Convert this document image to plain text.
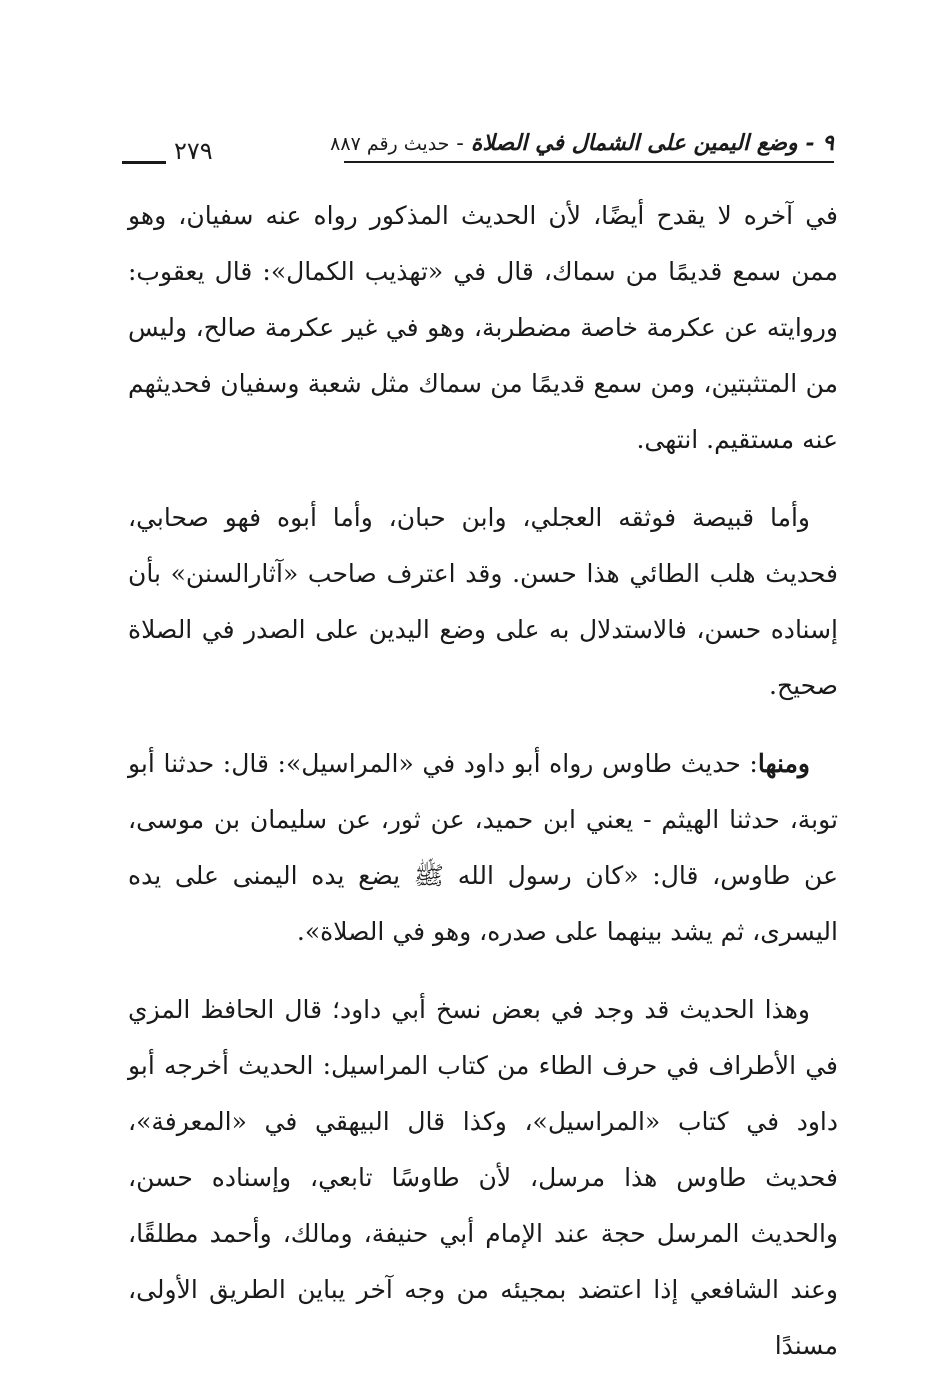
٩ - وضع اليمين على الشمال في الصلاة - حديث رقم ٨٨٧
٢٧٩

في آخره لا يقدح أيضًا، لأن الحديث المذكور رواه عنه سفيان، وهو ممن سمع قديمًا من سماك، قال في «تهذيب الكمال»: قال يعقوب: وروايته عن عكرمة خاصة مضطربة، وهو في غير عكرمة صالح، وليس من المتثبتين، ومن سمع قديمًا من سماك مثل شعبة وسفيان فحديثهم عنه مستقيم. انتهى.

وأما قبيصة فوثقه العجلي، وابن حبان، وأما أبوه فهو صحابي، فحديث هلب الطائي هذا حسن. وقد اعترف صاحب «آثارالسنن» بأن إسناده حسن، فالاستدلال به على وضع اليدين على الصدر في الصلاة صحيح.

ومنها: حديث طاوس رواه أبو داود في «المراسيل»: قال: حدثنا أبو توبة، حدثنا الهيثم - يعني ابن حميد، عن ثور، عن سليمان بن موسى، عن طاوس، قال: «كان رسول الله ﷺ يضع يده اليمنى على يده اليسرى، ثم يشد بينهما على صدره، وهو في الصلاة».

وهذا الحديث قد وجد في بعض نسخ أبي داود؛ قال الحافظ المزي في الأطراف في حرف الطاء من كتاب المراسيل: الحديث أخرجه أبو داود في كتاب «المراسيل»، وكذا قال البيهقي في «المعرفة»، فحديث طاوس هذا مرسل، لأن طاوسًا تابعي، وإسناده حسن، والحديث المرسل حجة عند الإمام أبي حنيفة، ومالك، وأحمد مطلقًا، وعند الشافعي إذا اعتضد بمجيئه من وجه آخر يباين الطريق الأولى، مسندًا
